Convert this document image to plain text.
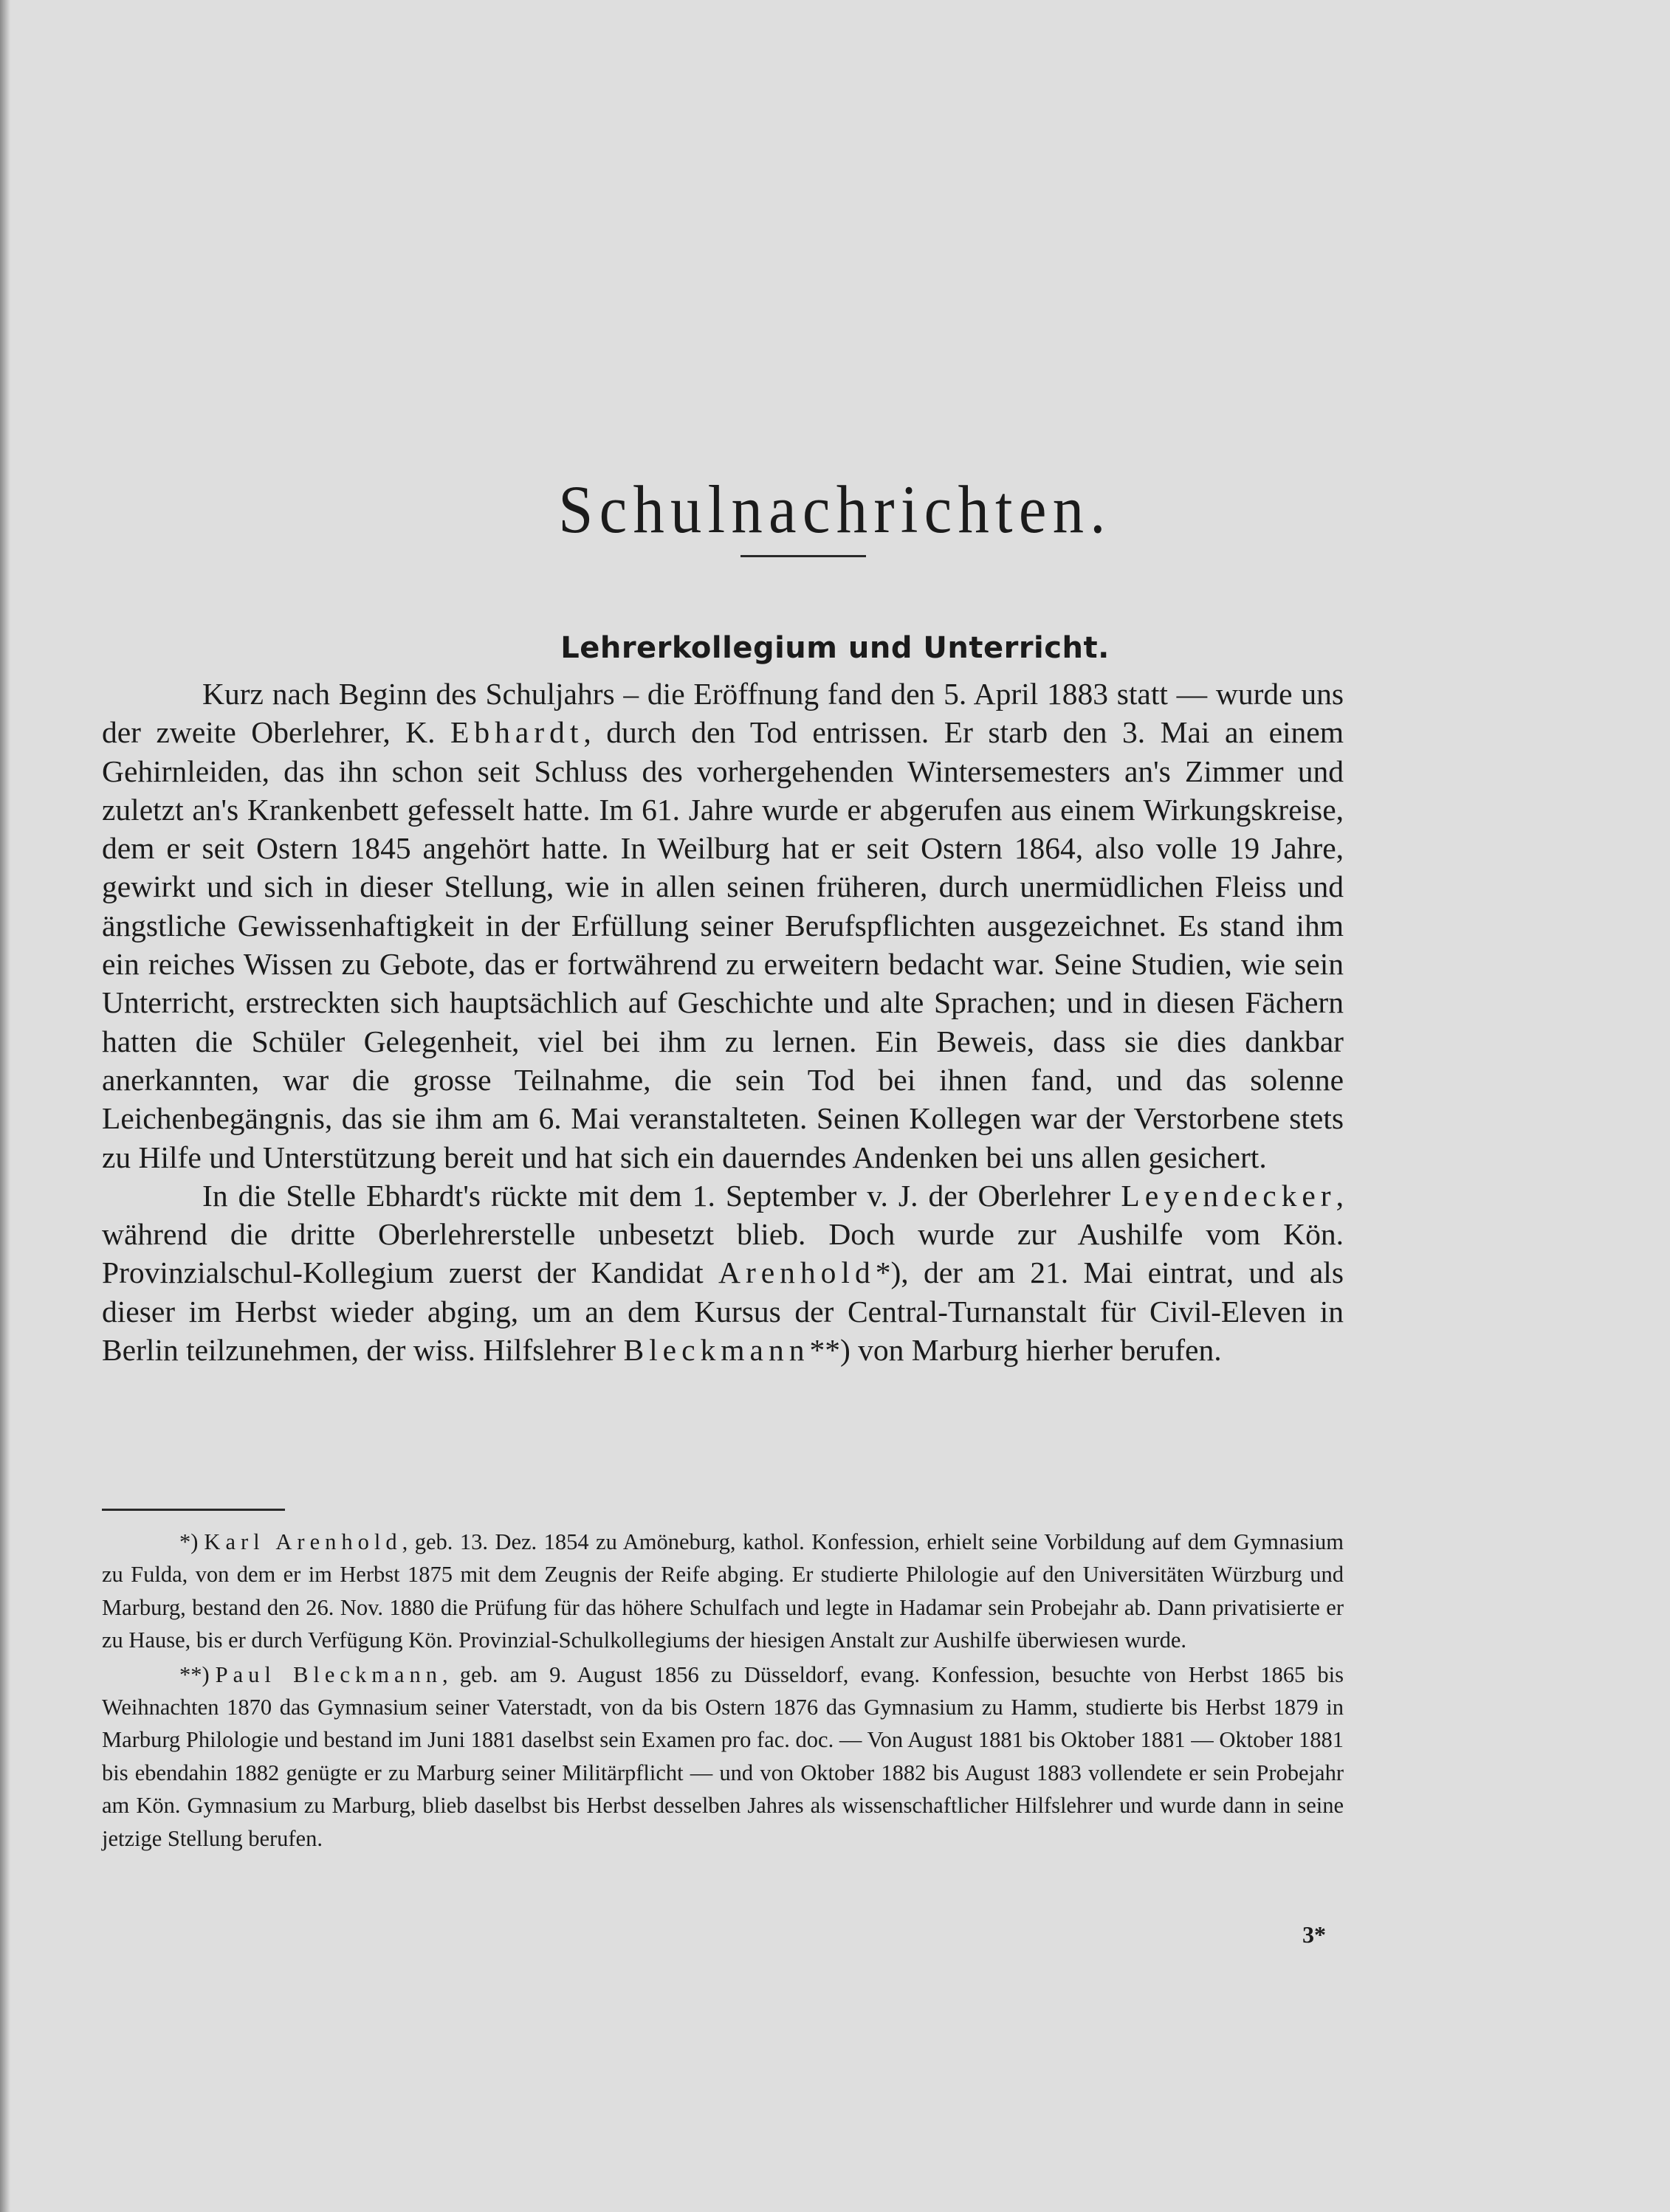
Schulnachrichten.
Lehrerkollegium und Unterricht.

Kurz nach Beginn des Schuljahrs – die Eröffnung fand den 5. April 1883 statt — wurde uns der zweite Oberlehrer, K. Ebhardt, durch den Tod entrissen. Er starb den 3. Mai an einem Gehirnleiden, das ihn schon seit Schluss des vorhergehenden Wintersemesters an's Zimmer und zuletzt an's Krankenbett gefesselt hatte. Im 61. Jahre wurde er abgerufen aus einem Wirkungskreise, dem er seit Ostern 1845 angehört hatte. In Weilburg hat er seit Ostern 1864, also volle 19 Jahre, gewirkt und sich in dieser Stellung, wie in allen seinen früheren, durch unermüdlichen Fleiss und ängstliche Gewissenhaftigkeit in der Erfüllung seiner Berufspflichten ausgezeichnet. Es stand ihm ein reiches Wissen zu Gebote, das er fortwährend zu erweitern bedacht war. Seine Studien, wie sein Unterricht, erstreckten sich hauptsächlich auf Geschichte und alte Sprachen; und in diesen Fächern hatten die Schüler Gelegenheit, viel bei ihm zu lernen. Ein Beweis, dass sie dies dankbar anerkannten, war die grosse Teilnahme, die sein Tod bei ihnen fand, und das solenne Leichenbegängnis, das sie ihm am 6. Mai veranstalteten. Seinen Kollegen war der Verstorbene stets zu Hilfe und Unterstützung bereit und hat sich ein dauerndes Andenken bei uns allen gesichert.

In die Stelle Ebhardt's rückte mit dem 1. September v. J. der Oberlehrer Leyendecker, während die dritte Oberlehrerstelle unbesetzt blieb. Doch wurde zur Aushilfe vom Kön. Provinzialschul-Kollegium zuerst der Kandidat Arenhold*), der am 21. Mai eintrat, und als dieser im Herbst wieder abging, um an dem Kursus der Central-Turnanstalt für Civil-Eleven in Berlin teilzunehmen, der wiss. Hilfslehrer Bleckmann**) von Marburg hierher berufen.

*) Karl Arenhold, geb. 13. Dez. 1854 zu Amöneburg, kathol. Konfession, erhielt seine Vorbildung auf dem Gymnasium zu Fulda, von dem er im Herbst 1875 mit dem Zeugnis der Reife abging. Er studierte Philologie auf den Universitäten Würzburg und Marburg, bestand den 26. Nov. 1880 die Prüfung für das höhere Schulfach und legte in Hadamar sein Probejahr ab. Dann privatisierte er zu Hause, bis er durch Verfügung Kön. Provinzial-Schulkollegiums der hiesigen Anstalt zur Aushilfe überwiesen wurde.

**) Paul Bleckmann, geb. am 9. August 1856 zu Düsseldorf, evang. Konfession, besuchte von Herbst 1865 bis Weihnachten 1870 das Gymnasium seiner Vaterstadt, von da bis Ostern 1876 das Gymnasium zu Hamm, studierte bis Herbst 1879 in Marburg Philologie und bestand im Juni 1881 daselbst sein Examen pro fac. doc. — Von August 1881 bis Oktober 1881 — Oktober 1881 bis ebendahin 1882 genügte er zu Marburg seiner Militärpflicht — und von Oktober 1882 bis August 1883 vollendete er sein Probejahr am Kön. Gymnasium zu Marburg, blieb daselbst bis Herbst desselben Jahres als wissenschaftlicher Hilfslehrer und wurde dann in seine jetzige Stellung berufen.

3*
